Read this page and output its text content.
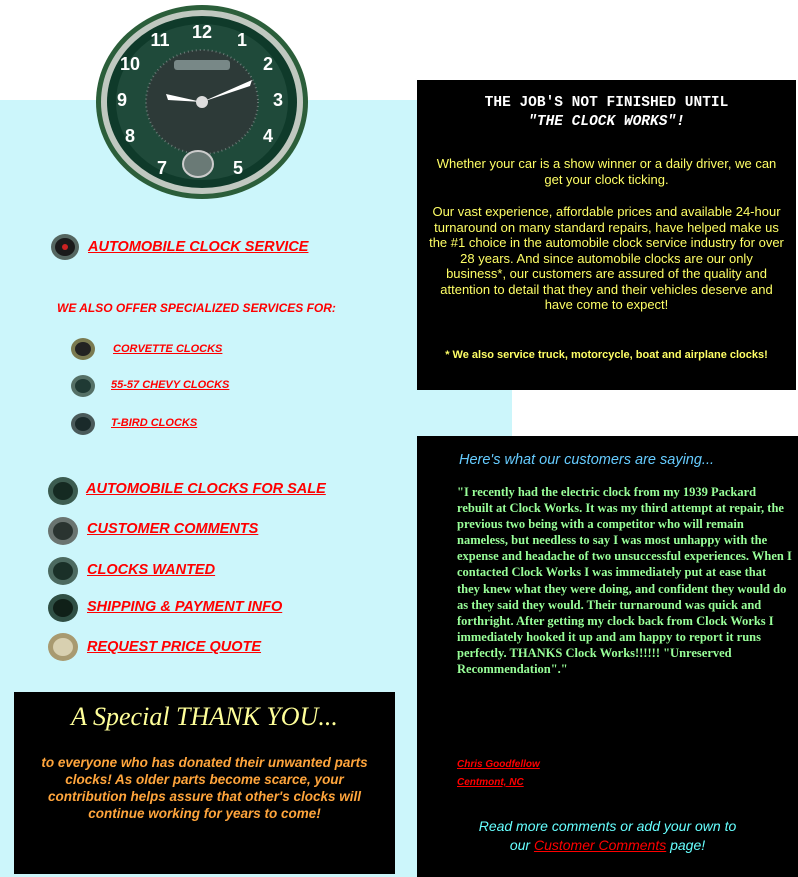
12 1
2
3
4
5
7
8
9
10
11
AUTOMOBILE CLOCK SERVICE
WE ALSO OFFER SPECIALIZED SERVICES FOR:
CORVETTE CLOCKS
55-57 CHEVY CLOCKS
T-BIRD CLOCKS
AUTOMOBILE CLOCKS FOR SALE
CUSTOMER COMMENTS
CLOCKS WANTED
SHIPPING & PAYMENT INFO
REQUEST PRICE QUOTE
THE JOB'S NOT FINISHED UNTIL
"THE CLOCK WORKS"!
Whether your car is a show winner or a daily driver, we can get your clock ticking.
Our vast experience, affordable prices and available 24-hour turnaround on many standard repairs, have helped make us the #1 choice in the automobile clock service industry for over 28 years. And since automobile clocks are our only business*, our customers are assured of the quality and attention to detail that they and their vehicles deserve and have come to expect!
* We also service truck, motorcycle, boat and airplane clocks!
Here's what our customers are saying...
"I recently had the electric clock from my 1939 Packard rebuilt at Clock Works. It was my third attempt at repair, the previous two being with a competitor who will remain nameless, but needless to say I was most unhappy with the expense and headache of two unsuccessful experiences. When I contacted Clock Works I was immediately put at ease that they knew what they were doing, and confident they would do as they said they would. Their turnaround was quick and forthright. After getting my clock back from Clock Works I immediately hooked it up and am happy to report it runs perfectly. THANKS Clock Works!!!!!! "Unreserved Recommendation"."
Chris Goodfellow
Centmont, NC
Read more comments or add your own to
our Customer Comments page!
A Special THANK YOU...
to everyone who has donated their unwanted parts clocks! As older parts become scarce, your contribution helps assure that other's clocks will continue working for years to come!
